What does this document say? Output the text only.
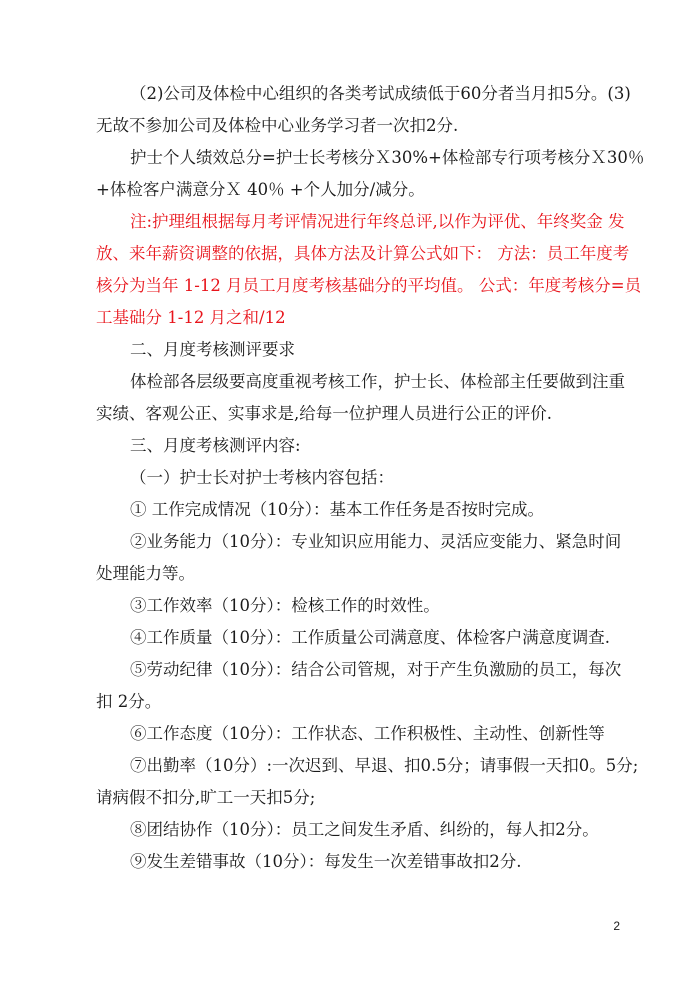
（2)公司及体检中心组织的各类考试成绩低于60分者当月扣5分。(3)
无故不参加公司及体检中心业务学习者一次扣2分.
护士个人绩效总分=护士长考核分Ｘ30%+体检部专行项考核分Ｘ30％
+体检客户满意分Ｘ 40％ +个人加分/减分。
注:护理组根据每月考评情况进行年终总评,以作为评优、年终奖金 发
放、来年薪资调整的依据，具体方法及计算公式如下： 方法：员工年度考
核分为当年 1-12 月员工月度考核基础分的平均值。 公式：年度考核分=员
工基础分 1-12 月之和/12
二、月度考核测评要求
体检部各层级要高度重视考核工作，护士长、体检部主任要做到注重
实绩、客观公正、实事求是,给每一位护理人员进行公正的评价.
三、月度考核测评内容:
（一）护士长对护士考核内容包括：
① 工作完成情况（10分）：基本工作任务是否按时完成。
②业务能力（10分）：专业知识应用能力、灵活应变能力、紧急时间
处理能力等。
③工作效率（10分）：检核工作的时效性。
④工作质量（10分）：工作质量公司满意度、体检客户满意度调查.
⑤劳动纪律（10分）：结合公司管规，对于产生负激励的员工，每次
扣 2分。
⑥工作态度（10分）：工作状态、工作积极性、主动性、创新性等
⑦出勤率（10分）:一次迟到、早退、扣0.5分；请事假一天扣0。5分;
请病假不扣分,旷工一天扣5分;
⑧团结协作（10分）：员工之间发生矛盾、纠纷的，每人扣2分。
⑨发生差错事故（10分）：每发生一次差错事故扣2分.
2
